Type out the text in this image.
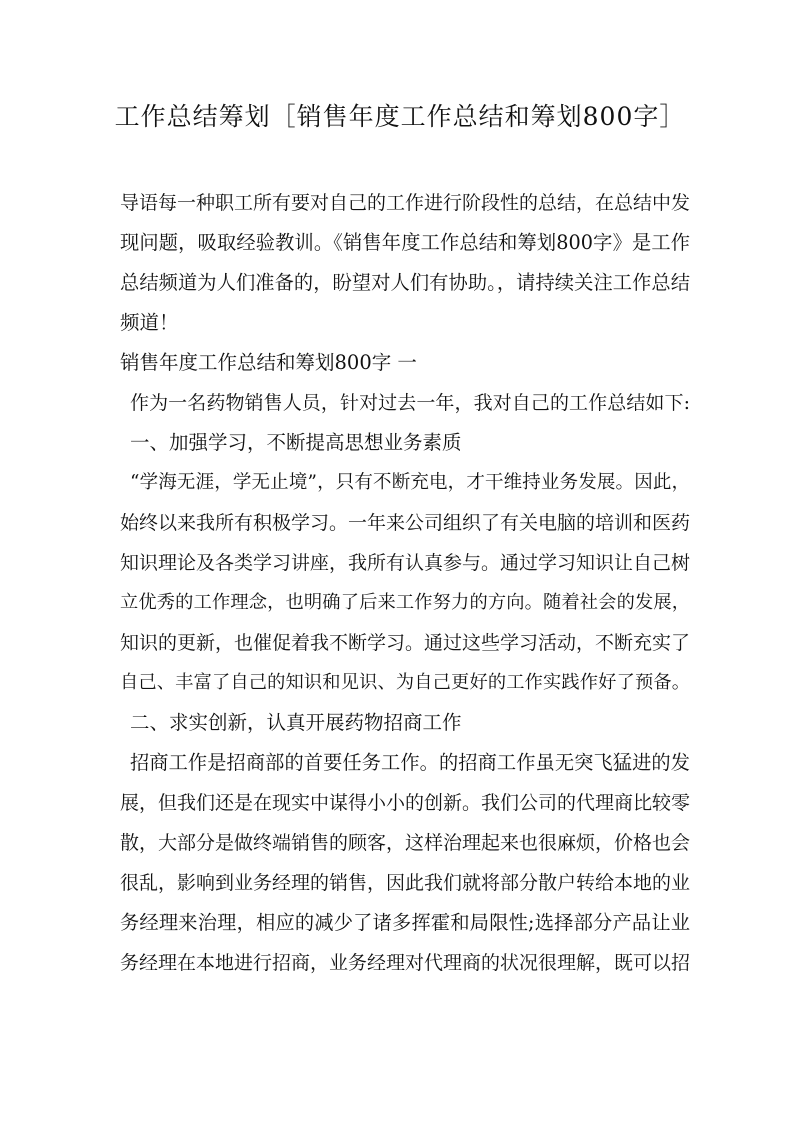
工作总结筹划［销售年度工作总结和筹划800字］
导语每一种职工所有要对自己的工作进行阶段性的总结，在总结中发
现问题，吸取经验教训。《销售年度工作总结和筹划800字》是工作
总结频道为人们准备的，盼望对人们有协助。，请持续关注工作总结
频道！
销售年度工作总结和筹划800字 一
作为一名药物销售人员，针对过去一年，我对自己的工作总结如下:
一、加强学习，不断提高思想业务素质
“学海无涯，学无止境”，只有不断充电，才干维持业务发展。因此，
始终以来我所有积极学习。一年来公司组织了有关电脑的培训和医药
知识理论及各类学习讲座，我所有认真参与。通过学习知识让自己树
立优秀的工作理念，也明确了后来工作努力的方向。随着社会的发展，
知识的更新，也催促着我不断学习。通过这些学习活动，不断充实了
自己、丰富了自己的知识和见识、为自己更好的工作实践作好了预备。
二、求实创新，认真开展药物招商工作
招商工作是招商部的首要任务工作。的招商工作虽无突飞猛进的发
展，但我们还是在现实中谋得小小的创新。我们公司的代理商比较零
散，大部分是做终端销售的顾客，这样治理起来也很麻烦，价格也会
很乱，影响到业务经理的销售，因此我们就将部分散户转给本地的业
务经理来治理，相应的减少了诸多挥霍和局限性;选择部分产品让业
务经理在本地进行招商，业务经理对代理商的状况很理解，既可以招
